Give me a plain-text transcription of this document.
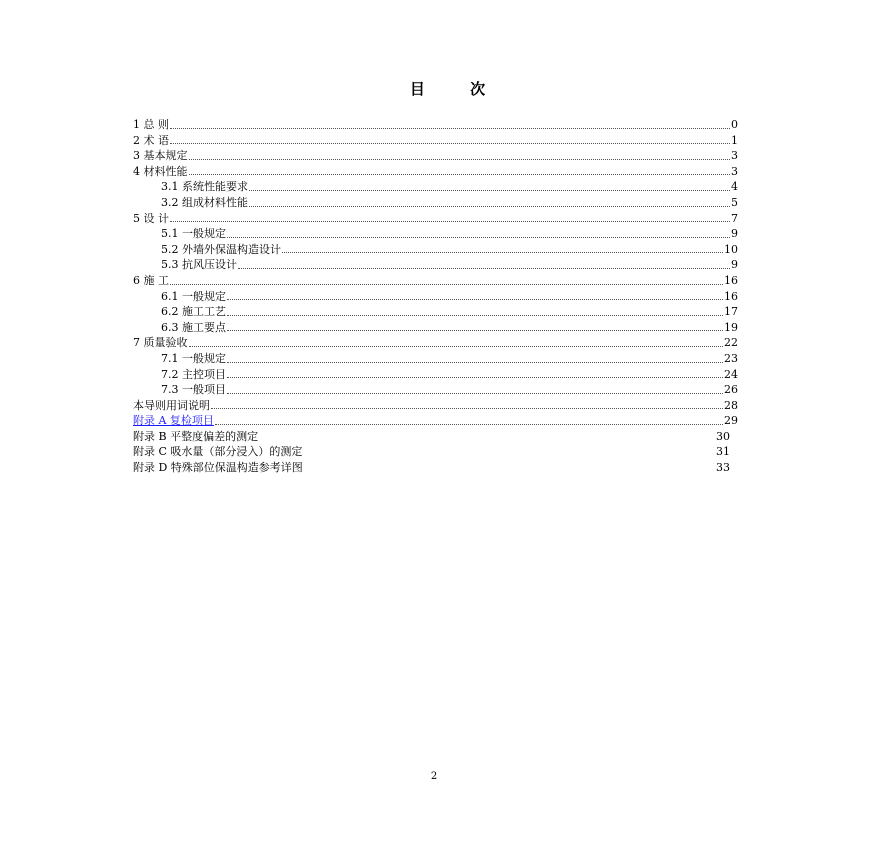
目 次
1 总 则	0
2 术 语	1
3 基本规定	3
4 材料性能	3
3.1 系统性能要求	4
3.2 组成材料性能	5
5 设 计	7
5.1 一般规定	9
5.2 外墙外保温构造设计	10
5.3 抗风压设计	9
6 施 工	16
6.1 一般规定	16
6.2 施工工艺	17
6.3 施工要点	19
7 质量验收	22
7.1 一般规定	23
7.2 主控项目	24
7.3 一般项目	26
本导则用词说明	28
附录 A 复检项目	29
附录 B 平整度偏差的测定	30
附录 C 吸水量（部分浸入）的测定	31
附录 D 特殊部位保温构造参考详图	33
2
